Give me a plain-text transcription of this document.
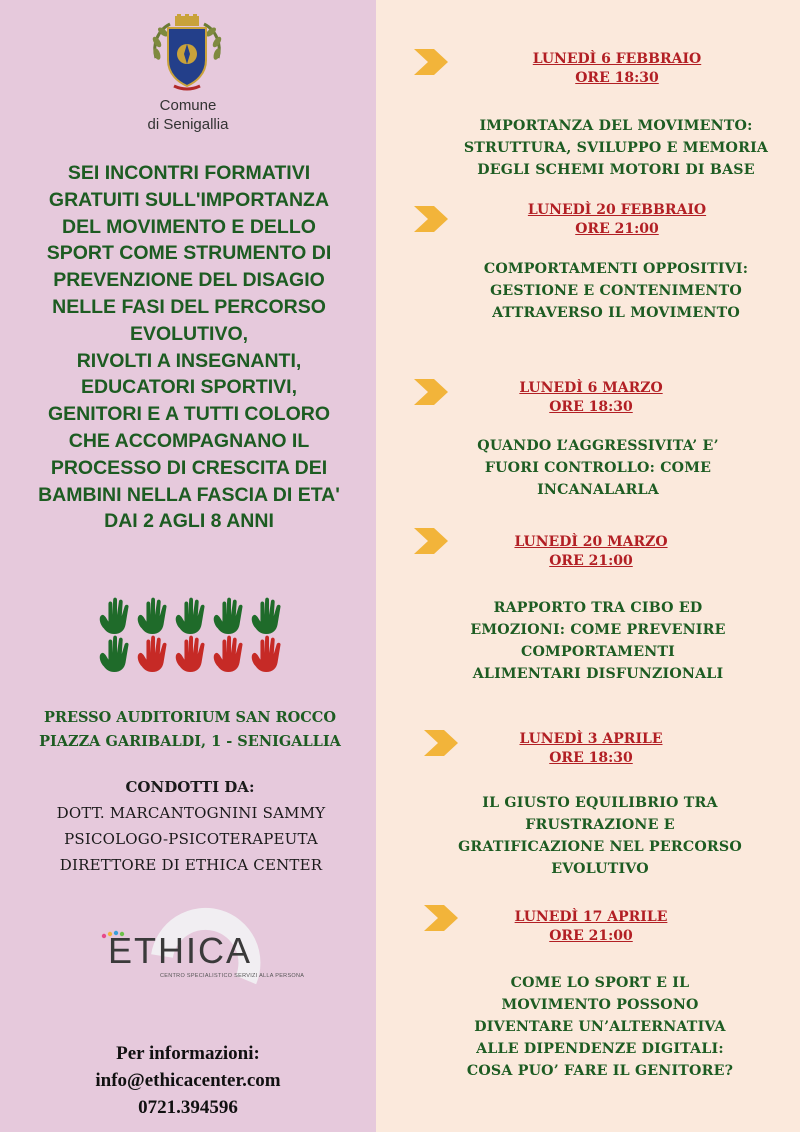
Comune
di Senigallia
SEI INCONTRI FORMATIVI
GRATUITI SULL'IMPORTANZA
DEL MOVIMENTO E DELLO
SPORT COME STRUMENTO DI
PREVENZIONE DEL DISAGIO
NELLE FASI DEL PERCORSO
EVOLUTIVO,
RIVOLTI A INSEGNANTI,
EDUCATORI SPORTIVI,
GENITORI E A TUTTI COLORO
CHE ACCOMPAGNANO IL
PROCESSO DI CRESCITA DEI
BAMBINI NELLA FASCIA DI ETA'
DAI 2 AGLI 8 ANNI
PRESSO AUDITORIUM SAN ROCCO
PIAZZA GARIBALDI, 1 - SENIGALLIA
CONDOTTI DA:
DOTT. MARCANTOGNINI SAMMY
PSICOLOGO-PSICOTERAPEUTA
DIRETTORE DI ETHICA CENTER
ETHICA
CENTRO SPECIALISTICO SERVIZI ALLA PERSONA
Per informazioni:
info@ethicacenter.com
0721.394596
LUNEDÌ 6 FEBBRAIO
ORE 18:30
IMPORTANZA DEL MOVIMENTO:
STRUTTURA, SVILUPPO E MEMORIA
DEGLI SCHEMI MOTORI DI BASE
LUNEDÌ 20 FEBBRAIO
ORE 21:00
COMPORTAMENTI OPPOSITIVI:
GESTIONE E CONTENIMENTO
ATTRAVERSO IL MOVIMENTO
LUNEDÌ 6 MARZO
ORE 18:30
QUANDO L’AGGRESSIVITA’ E’
FUORI CONTROLLO: COME
INCANALARLA
LUNEDÌ 20 MARZO
ORE 21:00
RAPPORTO TRA CIBO ED
EMOZIONI: COME PREVENIRE
COMPORTAMENTI
ALIMENTARI DISFUNZIONALI
LUNEDÌ 3 APRILE
ORE 18:30
IL GIUSTO EQUILIBRIO TRA
FRUSTRAZIONE E
GRATIFICAZIONE NEL PERCORSO
EVOLUTIVO
LUNEDÌ 17 APRILE
ORE 21:00
COME LO SPORT E IL
MOVIMENTO POSSONO
DIVENTARE UN’ALTERNATIVA
ALLE DIPENDENZE DIGITALI:
COSA PUO’ FARE IL GENITORE?
